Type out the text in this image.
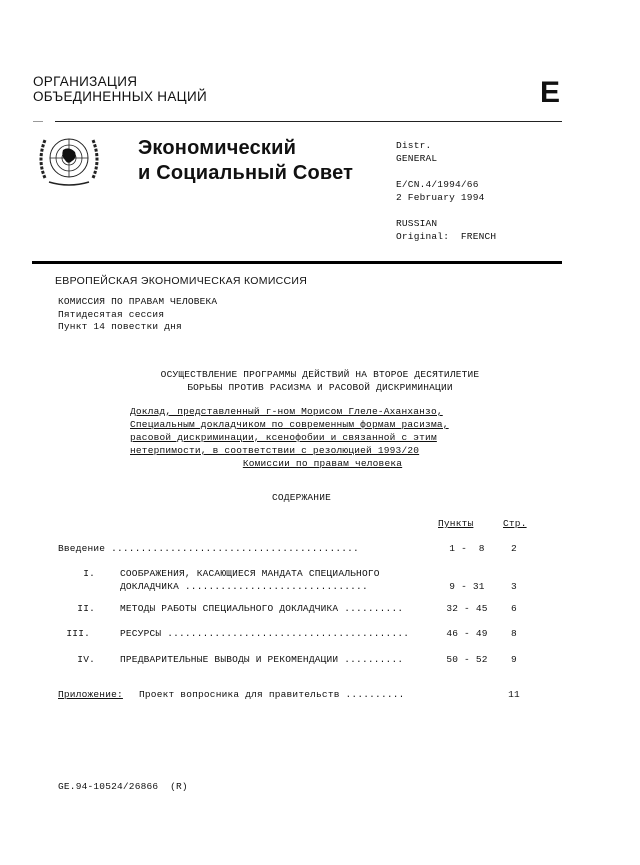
ОРГАНИЗАЦИЯ
ОБЪЕДИНЕННЫХ НАЦИЙ	E
Экономический
и Социальный Совет
Distr.
GENERAL
E/CN.4/1994/66
2 February 1994
RUSSIAN
Original:  FRENCH
ЕВРОПЕЙСКАЯ ЭКОНОМИЧЕСКАЯ КОМИССИЯ
КОМИССИЯ ПО ПРАВАМ ЧЕЛОВЕКА
Пятидесятая сессия
Пункт 14 повестки дня
ОСУЩЕСТВЛЕНИЕ ПРОГРАММЫ ДЕЙСТВИЙ НА ВТОРОЕ ДЕСЯТИЛЕТИЕ
БОРЬБЫ ПРОТИВ РАСИЗМА И РАСОВОЙ ДИСКРИМИНАЦИИ
Доклад, представленный г-ном Морисом Глеле-Аханханзо,
Специальным докладчиком по современным формам расизма,
расовой дискриминации, ксенофобии и связанной с этим
нетерпимости, в соответствии с резолюцией 1993/20
Комиссии по правам человека
СОДЕРЖАНИЕ
Пункты	Стр.
Введение ..........................................	1 -  8	2
I.	СООБРАЖЕНИЯ, КАСАЮЩИЕСЯ МАНДАТА СПЕЦИАЛЬНОГО
ДОКЛАДЧИКА ...............................	9 - 31	3
II.	МЕТОДЫ РАБОТЫ СПЕЦИАЛЬНОГО ДОКЛАДЧИКА ..........	32 - 45	6
III.	РЕСУРСЫ .........................................	46 - 49	8
IV.	ПРЕДВАРИТЕЛЬНЫЕ ВЫВОДЫ И РЕКОМЕНДАЦИИ ..........	50 - 52	9
Приложение: Проект вопросника для правительств ..........	11
GE.94-10524/26866  (R)
